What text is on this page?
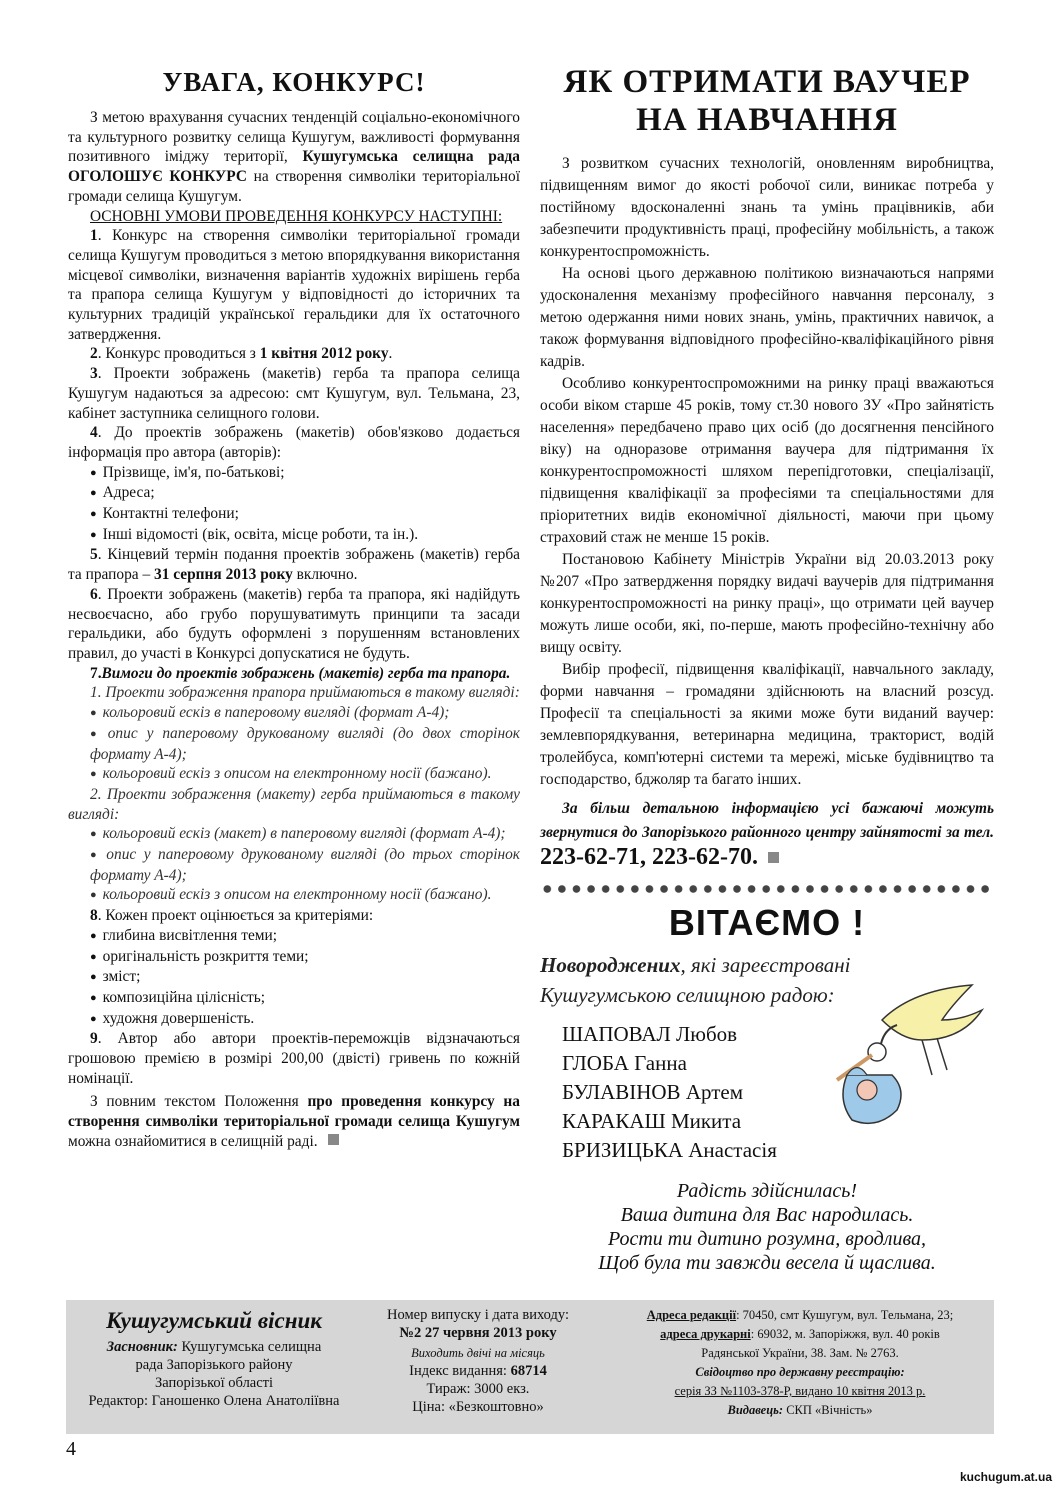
УВАГА, КОНКУРС!

З метою врахування сучасних тенденцій соціально-економічного та культурного розвитку селища Кушугум, важливості формування позитивного іміджу території, Кушугумська селищна рада ОГОЛОШУЄ КОНКУРС на створення символіки територіальної громади селища Кушугум.

ОСНОВНІ УМОВИ ПРОВЕДЕННЯ КОНКУРСУ НАСТУПНІ:

1. Конкурс на створення символіки територіальної громади селища Кушугум проводиться з метою впорядкування використання місцевої символіки, визначення варіантів художніх вирішень герба та прапора селища Кушугум у відповідності до історичних та культурних традицій української геральдики для їх остаточного затвердження.

2. Конкурс проводиться з 1 квітня 2012 року.

3. Проекти зображень (макетів) герба та прапора селища Кушугум надаються за адресою: смт Кушугум, вул. Тельмана, 23, кабінет заступника селищного голови.

4. До проектів зображень (макетів) обов'язково додається інформація про автора (авторів):

● Прізвище, ім'я, по-батькові;

● Адреса;

● Контактні телефони;

● Інші відомості (вік, освіта, місце роботи, та ін.).

5. Кінцевий термін подання проектів зображень (макетів) герба та прапора – 31 серпня 2013 року включно.

6. Проекти зображень (макетів) герба та прапора, які надійдуть несвоєчасно, або грубо порушуватимуть принципи та засади геральдики, або будуть оформлені з порушенням встановлених правил, до участі в Конкурсі допускатися не будуть.

7.Вимоги до проектів зображень (макетів) герба та прапора.

1. Проекти зображення прапора приймаються в такому вигляді:

● кольоровий ескіз в паперовому вигляді (формат А-4);

● опис у паперовому друкованому вигляді (до двох сторінок формату А-4);

● кольоровий ескіз з описом на електронному носії (бажано).

2. Проекти зображення (макету) герба приймаються в такому вигляді:

● кольоровий ескіз (макет) в паперовому вигляді (формат А-4);

● опис у паперовому друкованому вигляді (до трьох сторінок формату А-4);

● кольоровий ескіз з описом на електронному носії (бажано).

8. Кожен проект оцінюється за критеріями:

● глибина висвітлення теми;

● оригінальність розкриття теми;

● зміст;

● композиційна цілісність;

● художня довершеність.

9. Автор або автори проектів-переможців відзначаються грошовою премією в розмірі 200,00 (двісті) гривень по кожній номінації.

З повним текстом Положення про проведення конкурсу на створення символіки територіальної громади селища Кушугум можна ознайомитися в селищній раді.

ЯК ОТРИМАТИ ВАУЧЕР
НА НАВЧАННЯ

З розвитком сучасних технологій, оновленням виробництва, підвищенням вимог до якості робочої сили, виникає потреба у постійному вдосконаленні знань та умінь працівників, аби забезпечити продуктивність праці, професійну мобільність, а також конкурентоспроможність.

На основі цього державною політикою визначаються напрями удосконалення механізму професійного навчання персоналу, з метою одержання ними нових знань, умінь, практичних навичок, а також формування відповідного професійно-кваліфікаційного рівня кадрів.

Особливо конкурентоспроможними на ринку праці вважаються особи віком старше 45 років, тому ст.30 нового ЗУ «Про зайнятість населення» передбачено право цих осіб (до досягнення пенсійного віку) на одноразове отримання ваучера для підтримання їх конкурентоспроможності шляхом перепідготовки, спеціалізації, підвищення кваліфікації за професіями та спеціальностями для пріоритетних видів економічної діяльності, маючи при цьому страховий стаж не менше 15 років.

Постановою Кабінету Міністрів України від 20.03.2013 року №207 «Про затвердження порядку видачі ваучерів для підтримання конкурентоспроможності на ринку праці», що отримати цей ваучер можуть лише особи, які, по-перше, мають професійно-технічну або вищу освіту.

Вибір професії, підвищення кваліфікації, навчального закладу, форми навчання – громадяни здійснюють на власний розсуд. Професії та спеціальності за якими може бути виданий ваучер: землевпорядкування, ветеринарна медицина, тракторист, водій тролейбуса, комп'ютерні системи та мережі, міське будівництво та господарство, бджоляр та багато інших.

За більш детальною інформацією усі бажаючі можуть звернутися до Запорізького районного центру зайнятості за тел. 223-62-71, 223-62-70.

ВІТАЄМО !
Новороджених, які зареєстровані
Кушугумською селищною радою:
ШАПОВАЛ Любов
ГЛОБА Ганна
БУЛАВІНОВ Артем
КАРАКАШ Микита
БРИЗИЦЬКА Анастасія
Радість здійснилась!
Ваша дитина для Вас народилась.
Рости ти дитино розумна, вродлива,
Щоб була ти завжди весела й щаслива.
Кушугумський вісник
Засновник: Кушугумська селищна
рада Запорізького району
Запорізької області
Редактор: Ганошенко Олена Анатоліївна
Номер випуску і дата виходу:
№2 27 червня 2013 року
Виходить двічі на місяць
Індекс видання: 68714
Тираж: 3000 екз.
Ціна: «Безкоштовно»
Адреса редакції: 70450, смт Кушугум, вул. Тельмана, 23;
адреса друкарні: 69032, м. Запоріжжя, вул. 40 років
Радянської України, 38. Зам. № 2763.
Свідоцтво про державну реєстрацію:
серія ЗЗ №1103-378-Р, видано 10 квітня 2013 р.
Видавець: СКП «Вічність»
4
kuchugum.at.ua
